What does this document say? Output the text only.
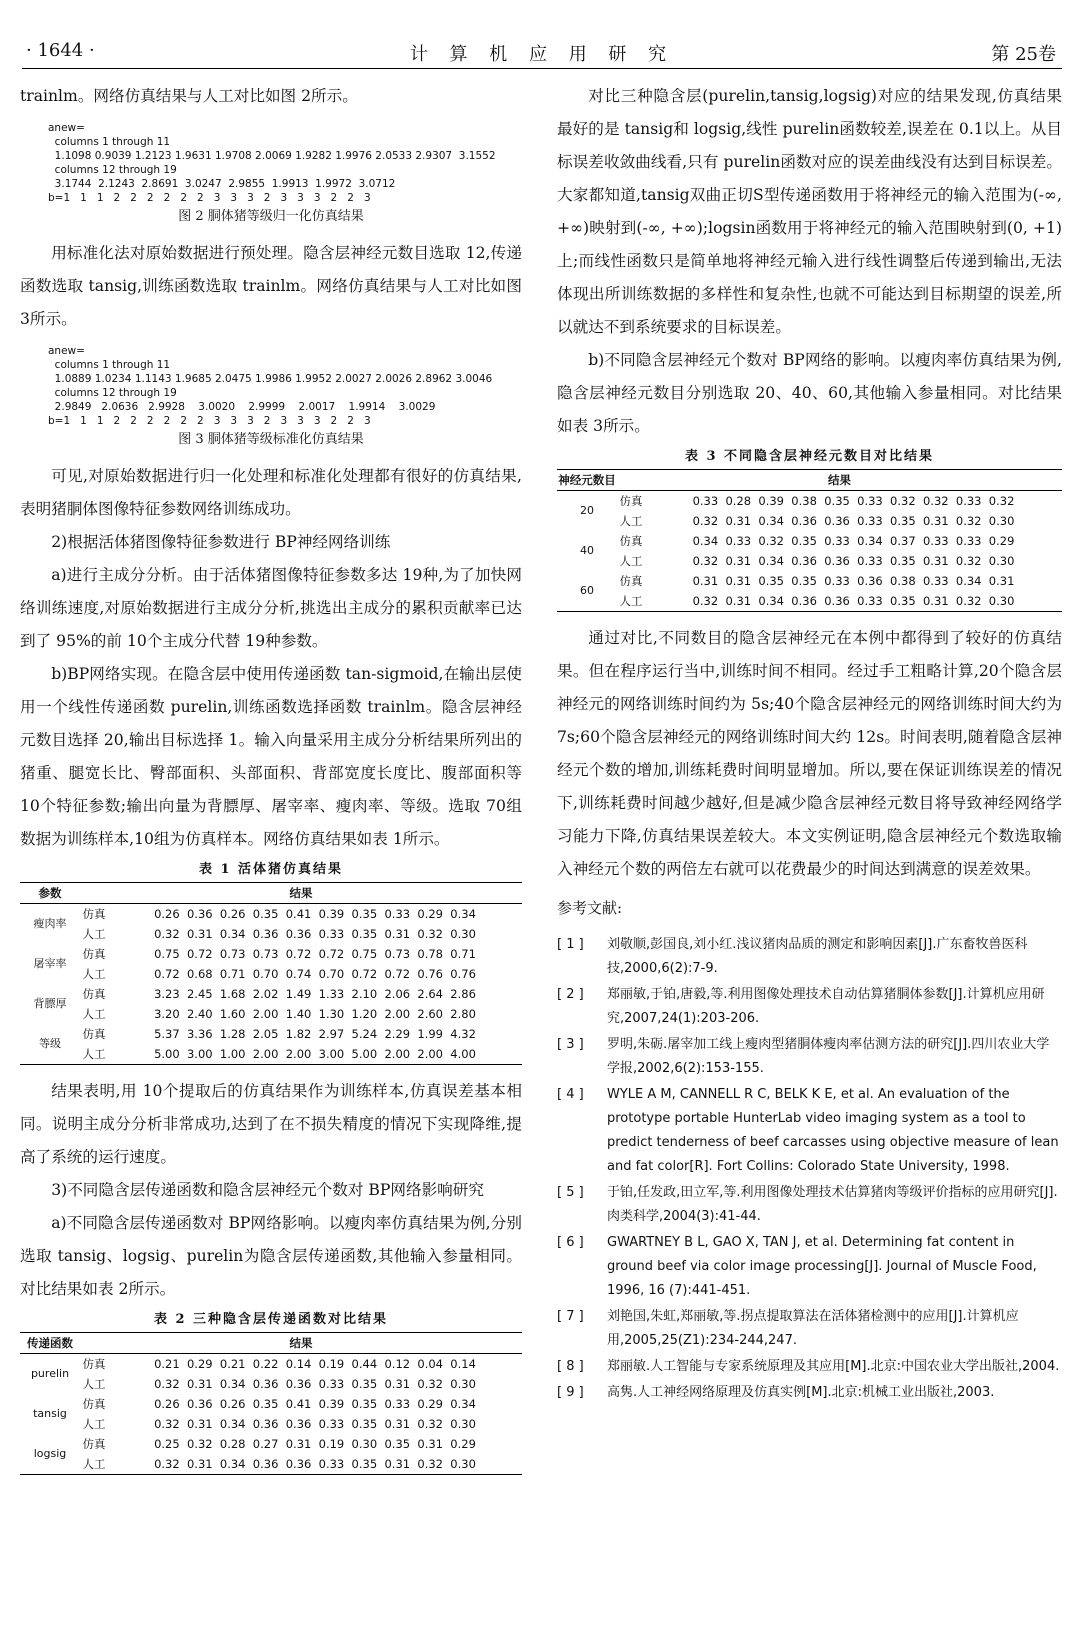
· 1644 ·	计 算 机 应 用 研 究	第 25卷

trainlm。网络仿真结果与人工对比如图 2所示。

anew=
columns 1 through 11
1.1098 0.9039 1.2123 1.9631 1.9708 2.0069 1.9282 1.9976 2.0533 2.9307  3.1552
columns 12 through 19
3.1744  2.1243  2.8691  3.0247  2.9855  1.9913  1.9972  3.0712
b=1   1   1   2   2   2   2   2   2   3   3   3   2   3   3   3   2   2   3
图 2 胴体猪等级归一化仿真结果

用标准化法对原始数据进行预处理。隐含层神经元数目选取 12,传递函数选取 tansig,训练函数选取 trainlm。网络仿真结果与人工对比如图 3所示。

anew=
columns 1 through 11
1.0889 1.0234 1.1143 1.9685 2.0475 1.9986 1.9952 2.0027 2.0026 2.8962 3.0046
columns 12 through 19
2.9849   2.0636   2.9928    3.0020    2.9999    2.0017    1.9914    3.0029
b=1   1   1   2   2   2   2   2   2   3   3   3   2   3   3   3   2   2   3
图 3 胴体猪等级标准化仿真结果

可见,对原始数据进行归一化处理和标准化处理都有很好的仿真结果,表明猪胴体图像特征参数网络训练成功。

2)根据活体猪图像特征参数进行 BP神经网络训练

a)进行主成分分析。由于活体猪图像特征参数多达 19种,为了加快网络训练速度,对原始数据进行主成分分析,挑选出主成分的累积贡献率已达到了 95%的前 10个主成分代替 19种参数。

b)BP网络实现。在隐含层中使用传递函数 tan-sigmoid,在输出层使用一个线性传递函数 purelin,训练函数选择函数 trainlm。隐含层神经元数目选择 20,输出目标选择 1。输入向量采用主成分分析结果所列出的猪重、腿宽长比、臀部面积、头部面积、背部宽度长度比、腹部面积等 10个特征参数;输出向量为背膘厚、屠宰率、瘦肉率、等级。选取 70组数据为训练样本,10组为仿真样本。网络仿真结果如表 1所示。

表 1 活体猪仿真结果
参数	结果	
瘦肉率	仿真	0.26  0.36  0.26  0.35  0.41  0.39  0.35  0.33  0.29  0.34
	人工	0.32  0.31  0.34  0.36  0.36  0.33  0.35  0.31  0.32  0.30
屠宰率	仿真	0.75  0.72  0.73  0.73  0.72  0.72  0.75  0.73  0.78  0.71
	人工	0.72  0.68  0.71  0.70  0.74  0.70  0.72  0.72  0.76  0.76
背膘厚	仿真	3.23  2.45  1.68  2.02  1.49  1.33  2.10  2.06  2.64  2.86
	人工	3.20  2.40  1.60  2.00  1.40  1.30  1.20  2.00  2.60  2.80
等级	仿真	5.37  3.36  1.28  2.05  1.82  2.97  5.24  2.29  1.99  4.32
	人工	5.00  3.00  1.00  2.00  2.00  3.00  5.00  2.00  2.00  4.00

结果表明,用 10个提取后的仿真结果作为训练样本,仿真误差基本相同。说明主成分分析非常成功,达到了在不损失精度的情况下实现降维,提高了系统的运行速度。

3)不同隐含层传递函数和隐含层神经元个数对 BP网络影响研究

a)不同隐含层传递函数对 BP网络影响。以瘦肉率仿真结果为例,分别选取 tansig、logsig、purelin为隐含层传递函数,其他输入参量相同。对比结果如表 2所示。

表 2 三种隐含层传递函数对比结果
传递函数	结果	
purelin	仿真	0.21  0.29  0.21  0.22  0.14  0.19  0.44  0.12  0.04  0.14
	人工	0.32  0.31  0.34  0.36  0.36  0.33  0.35  0.31  0.32  0.30
tansig	仿真	0.26  0.36  0.26  0.35  0.41  0.39  0.35  0.33  0.29  0.34
	人工	0.32  0.31  0.34  0.36  0.36  0.33  0.35  0.31  0.32  0.30
logsig	仿真	0.25  0.32  0.28  0.27  0.31  0.19  0.30  0.35  0.31  0.29
	人工	0.32  0.31  0.34  0.36  0.36  0.33  0.35  0.31  0.32  0.30

对比三种隐含层(purelin,tansig,logsig)对应的结果发现,仿真结果最好的是 tansig和 logsig,线性 purelin函数较差,误差在 0.1以上。从目标误差收敛曲线看,只有 purelin函数对应的误差曲线没有达到目标误差。大家都知道,tansig双曲正切S型传递函数用于将神经元的输入范围为(-∞, +∞)映射到(-∞, +∞);logsin函数用于将神经元的输入范围映射到(0, +1)上;而线性函数只是简单地将神经元输入进行线性调整后传递到输出,无法体现出所训练数据的多样性和复杂性,也就不可能达到目标期望的误差,所以就达不到系统要求的目标误差。

b)不同隐含层神经元个数对 BP网络的影响。以瘦肉率仿真结果为例,隐含层神经元数目分别选取 20、40、60,其他输入参量相同。对比结果如表 3所示。

表 3 不同隐含层神经元数目对比结果
神经元数目	结果	
20	仿真	0.33  0.28  0.39  0.38  0.35  0.33  0.32  0.32  0.33  0.32
	人工	0.32  0.31  0.34  0.36  0.36  0.33  0.35  0.31  0.32  0.30
40	仿真	0.34  0.33  0.32  0.35  0.33  0.34  0.37  0.33  0.33  0.29
	人工	0.32  0.31  0.34  0.36  0.36  0.33  0.35  0.31  0.32  0.30
60	仿真	0.31  0.31  0.35  0.35  0.33  0.36  0.38  0.33  0.34  0.31
	人工	0.32  0.31  0.34  0.36  0.36  0.33  0.35  0.31  0.32  0.30

通过对比,不同数目的隐含层神经元在本例中都得到了较好的仿真结果。但在程序运行当中,训练时间不相同。经过手工粗略计算,20个隐含层神经元的网络训练时间约为 5s;40个隐含层神经元的网络训练时间大约为 7s;60个隐含层神经元的网络训练时间大约 12s。时间表明,随着隐含层神经元个数的增加,训练耗费时间明显增加。所以,要在保证训练误差的情况下,训练耗费时间越少越好,但是减少隐含层神经元数目将导致神经网络学习能力下降,仿真结果误差较大。本文实例证明,隐含层神经元个数选取输入神经元个数的两倍左右就可以花费最少的时间达到满意的误差效果。

参考文献:
[ 1 ] 刘敬顺,彭国良,刘小红.浅议猪肉品质的测定和影响因素[J].广东畜牧兽医科技,2000,6(2):7-9.
[ 2 ] 郑丽敏,于铂,唐毅,等.利用图像处理技术自动估算猪胴体参数[J].计算机应用研究,2007,24(1):203-206.
[ 3 ] 罗明,朱砺.屠宰加工线上瘦肉型猪胴体瘦肉率估测方法的研究[J].四川农业大学学报,2002,6(2):153-155.
[ 4 ] WYLE A M, CANNELL R C, BELK K E, et al. An evaluation of the prototype portable HunterLab video imaging system as a tool to predict tenderness of beef carcasses using objective measure of lean and fat color[R]. Fort Collins: Colorado State University, 1998.
[ 5 ] 于铂,任发政,田立军,等.利用图像处理技术估算猪肉等级评价指标的应用研究[J].肉类科学,2004(3):41-44.
[ 6 ] GWARTNEY B L, GAO X, TAN J, et al. Determining fat content in ground beef via color image processing[J]. Journal of Muscle Food, 1996, 16 (7):441-451.
[ 7 ] 刘艳国,朱虹,郑丽敏,等.拐点提取算法在活体猪检测中的应用[J].计算机应用,2005,25(Z1):234-244,247.
[ 8 ] 郑丽敏.人工智能与专家系统原理及其应用[M].北京:中国农业大学出版社,2004.
[ 9 ] 高隽.人工神经网络原理及仿真实例[M].北京:机械工业出版社,2003.
